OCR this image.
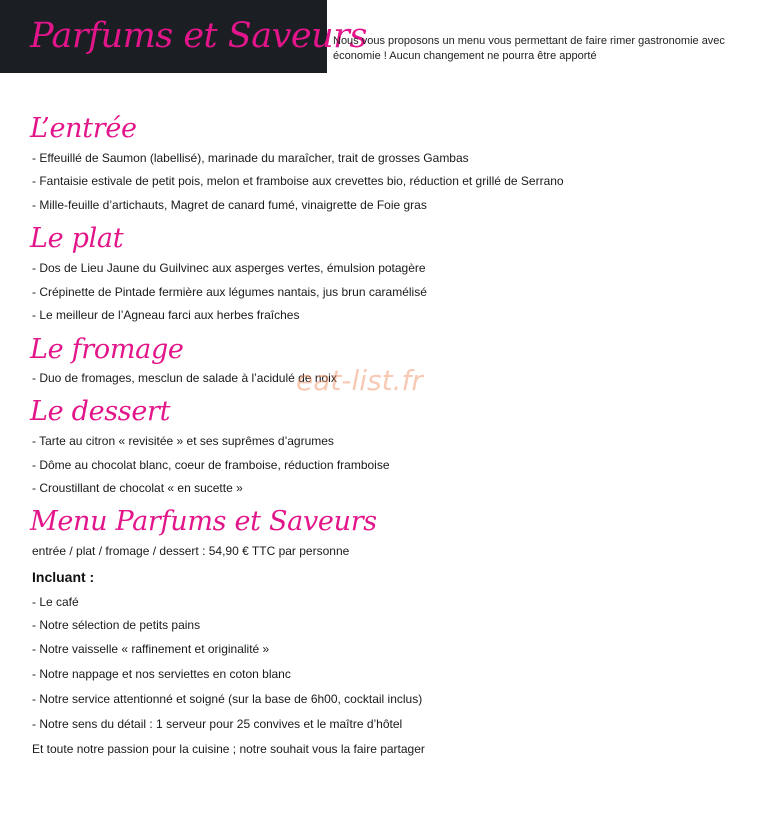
Parfums et Saveurs
Nous vous proposons un menu vous permettant de faire rimer gastronomie avec économie ! Aucun changement ne pourra être apporté
L’entrée
- Effeuillé de Saumon (labellisé), marinade du maraîcher, trait de grosses Gambas
- Fantaisie estivale de petit pois, melon et framboise aux crevettes bio, réduction et grillé de Serrano
- Mille-feuille d’artichauts, Magret de canard fumé, vinaigrette de Foie gras
Le plat
- Dos de Lieu Jaune du Guilvinec aux asperges vertes, émulsion potagère
- Crépinette de Pintade fermière aux légumes nantais, jus brun caramélisé
- Le meilleur de l’Agneau farci aux herbes fraîches
Le fromage
- Duo de fromages, mesclun de salade à l’acidulé de noix
Le dessert
- Tarte au citron « revisitée » et ses suprêmes d’agrumes
- Dôme au chocolat blanc, coeur de framboise, réduction framboise
- Croustillant de chocolat « en sucette »
Menu Parfums et Saveurs
entrée / plat / fromage / dessert : 54,90 € TTC par personne
Incluant :
- Le café
- Notre sélection de petits pains
- Notre vaisselle « raffinement et originalité »
- Notre nappage et nos serviettes en coton blanc
- Notre service attentionné et soigné (sur la base de 6h00, cocktail inclus)
- Notre sens du détail : 1 serveur pour 25 convives et le maître d’hôtel
Et toute notre passion pour la cuisine ; notre souhait vous la faire partager
eat-list.fr
